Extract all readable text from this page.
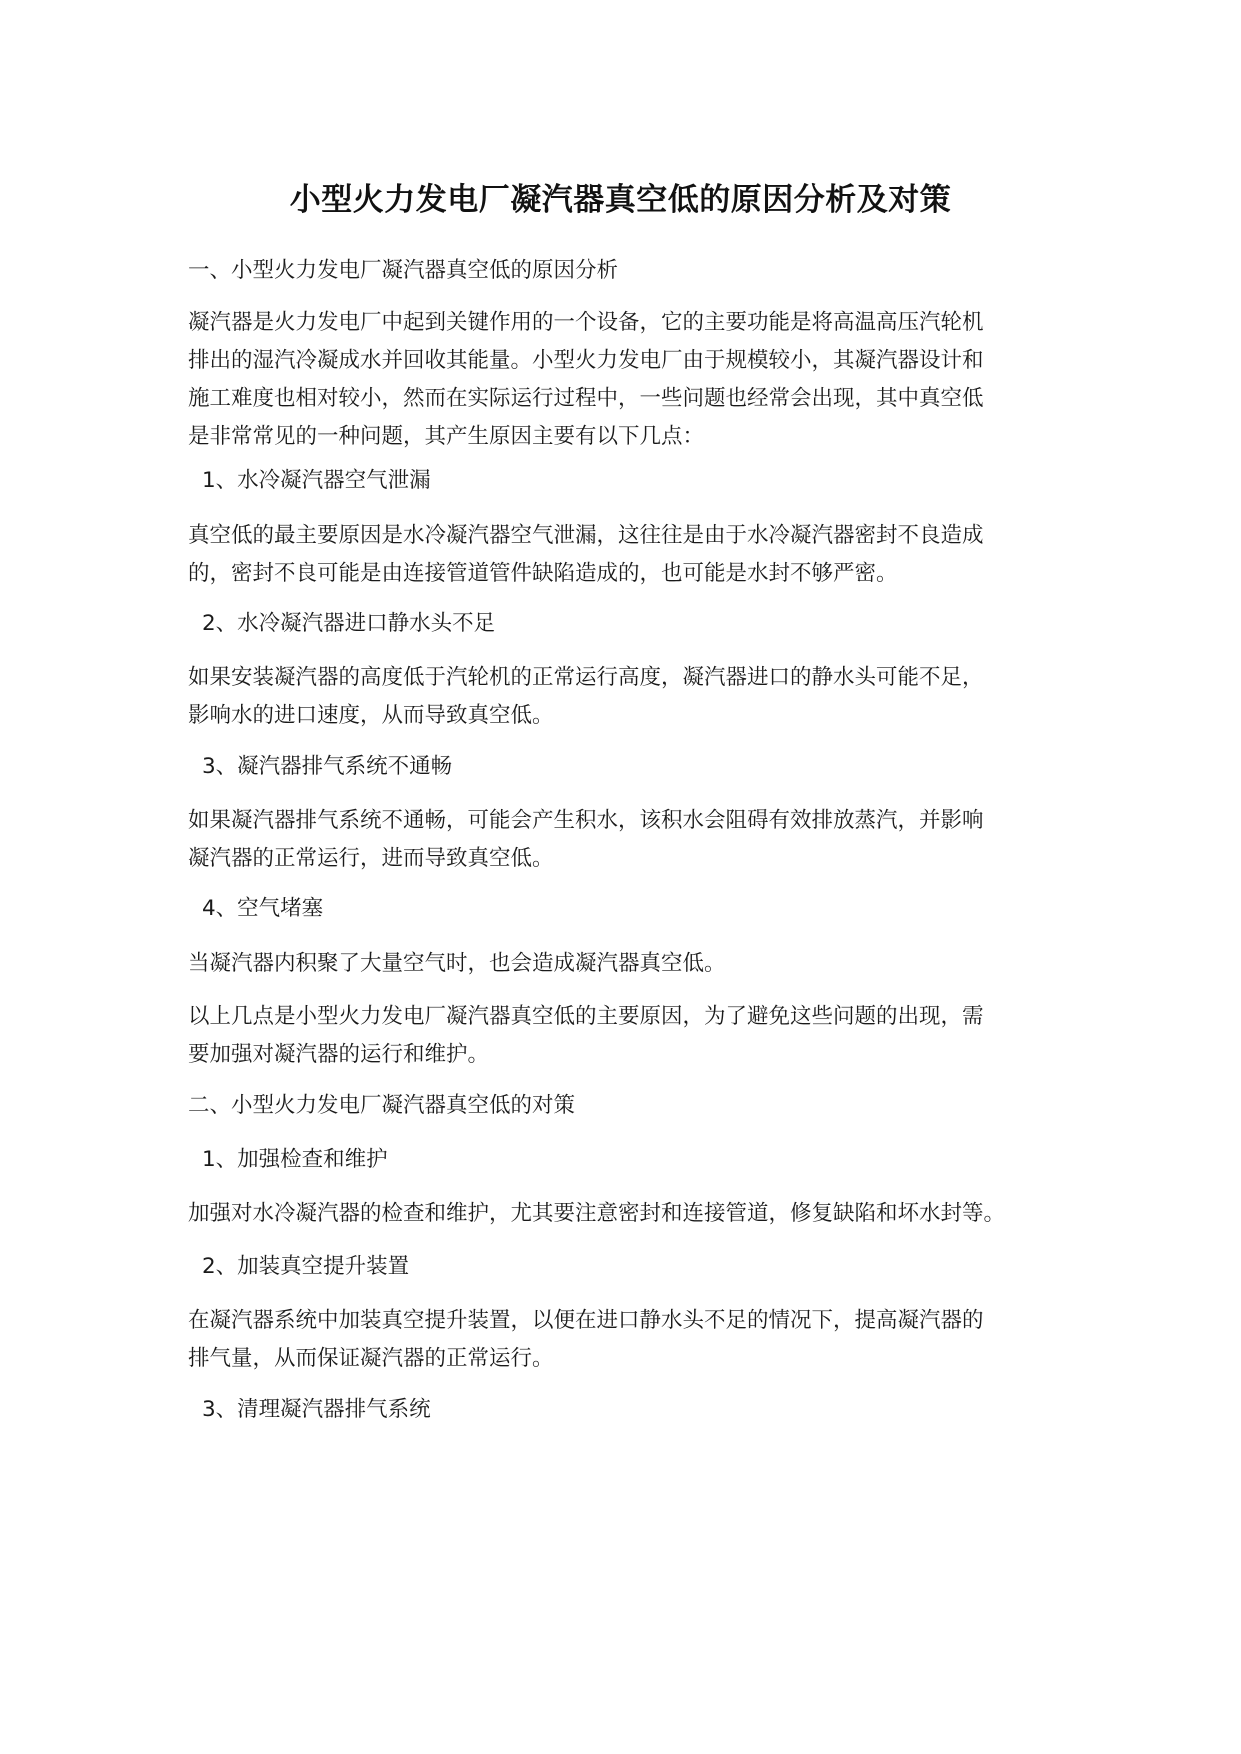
小型火力发电厂凝汽器真空低的原因分析及对策

一、小型火力发电厂凝汽器真空低的原因分析

凝汽器是火力发电厂中起到关键作用的一个设备，它的主要功能是将高温高压汽轮机
排出的湿汽冷凝成水并回收其能量。小型火力发电厂由于规模较小，其凝汽器设计和
施工难度也相对较小，然而在实际运行过程中，一些问题也经常会出现，其中真空低
是非常常见的一种问题，其产生原因主要有以下几点：

1、水冷凝汽器空气泄漏

真空低的最主要原因是水冷凝汽器空气泄漏，这往往是由于水冷凝汽器密封不良造成
的，密封不良可能是由连接管道管件缺陷造成的，也可能是水封不够严密。

2、水冷凝汽器进口静水头不足

如果安装凝汽器的高度低于汽轮机的正常运行高度，凝汽器进口的静水头可能不足，
影响水的进口速度，从而导致真空低。

3、凝汽器排气系统不通畅

如果凝汽器排气系统不通畅，可能会产生积水，该积水会阻碍有效排放蒸汽，并影响
凝汽器的正常运行，进而导致真空低。

4、空气堵塞

当凝汽器内积聚了大量空气时，也会造成凝汽器真空低。

以上几点是小型火力发电厂凝汽器真空低的主要原因，为了避免这些问题的出现，需
要加强对凝汽器的运行和维护。

二、小型火力发电厂凝汽器真空低的对策

1、加强检查和维护

加强对水冷凝汽器的检查和维护，尤其要注意密封和连接管道，修复缺陷和坏水封等。

2、加装真空提升装置

在凝汽器系统中加装真空提升装置，以便在进口静水头不足的情况下，提高凝汽器的
排气量，从而保证凝汽器的正常运行。

3、清理凝汽器排气系统
